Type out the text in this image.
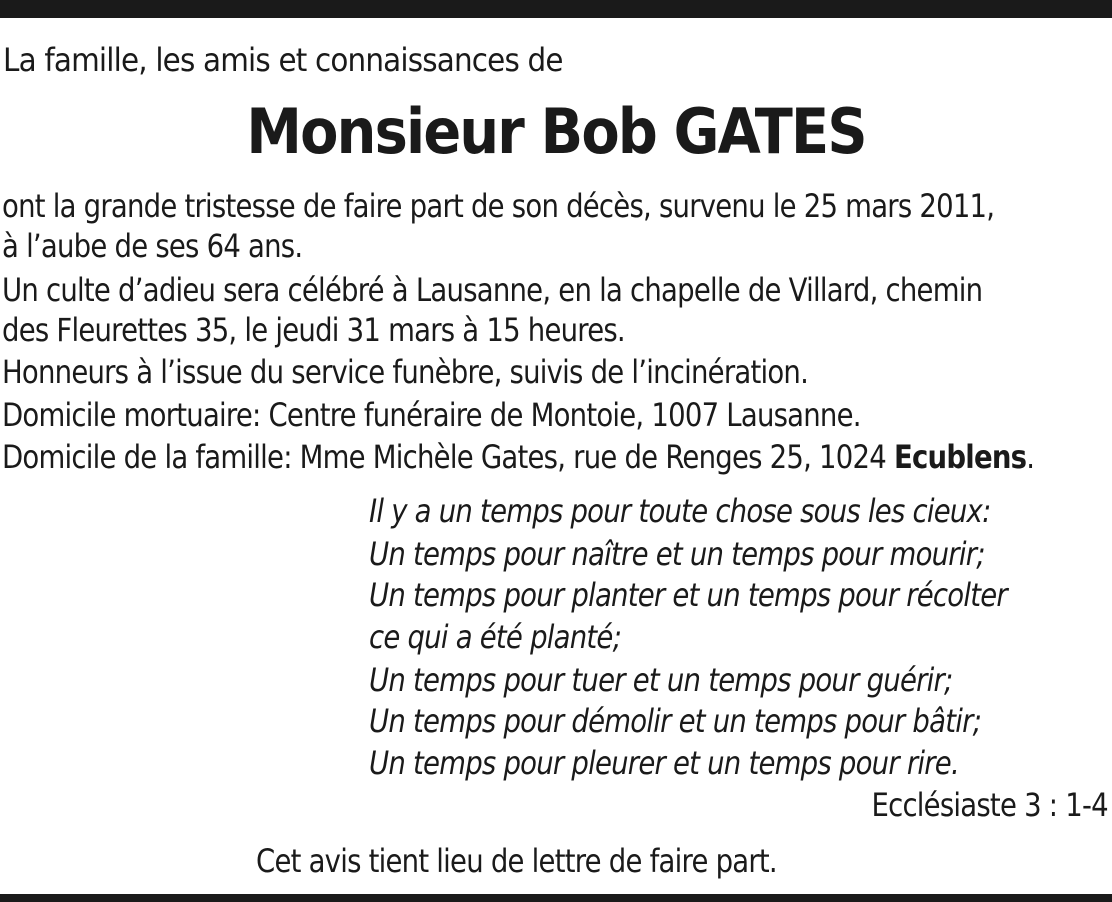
La famille, les amis et connaissances de
Monsieur Bob GATES
ont la grande tristesse de faire part de son décès, survenu le 25 mars 2011,
à l’aube de ses 64 ans.
Un culte d’adieu sera célébré à Lausanne, en la chapelle de Villard, chemin
des Fleurettes 35, le jeudi 31 mars à 15 heures.
Honneurs à l’issue du service funèbre, suivis de l’incinération.
Domicile mortuaire: Centre funéraire de Montoie, 1007 Lausanne.
Domicile de la famille: Mme Michèle Gates, rue de Renges 25, 1024 Ecublens.
Il y a un temps pour toute chose sous les cieux:
Un temps pour naître et un temps pour mourir;
Un temps pour planter et un temps pour récolter
ce qui a été planté;
Un temps pour tuer et un temps pour guérir;
Un temps pour démolir et un temps pour bâtir;
Un temps pour pleurer et un temps pour rire.
Ecclésiaste 3 : 1-4
Cet avis tient lieu de lettre de faire part.
